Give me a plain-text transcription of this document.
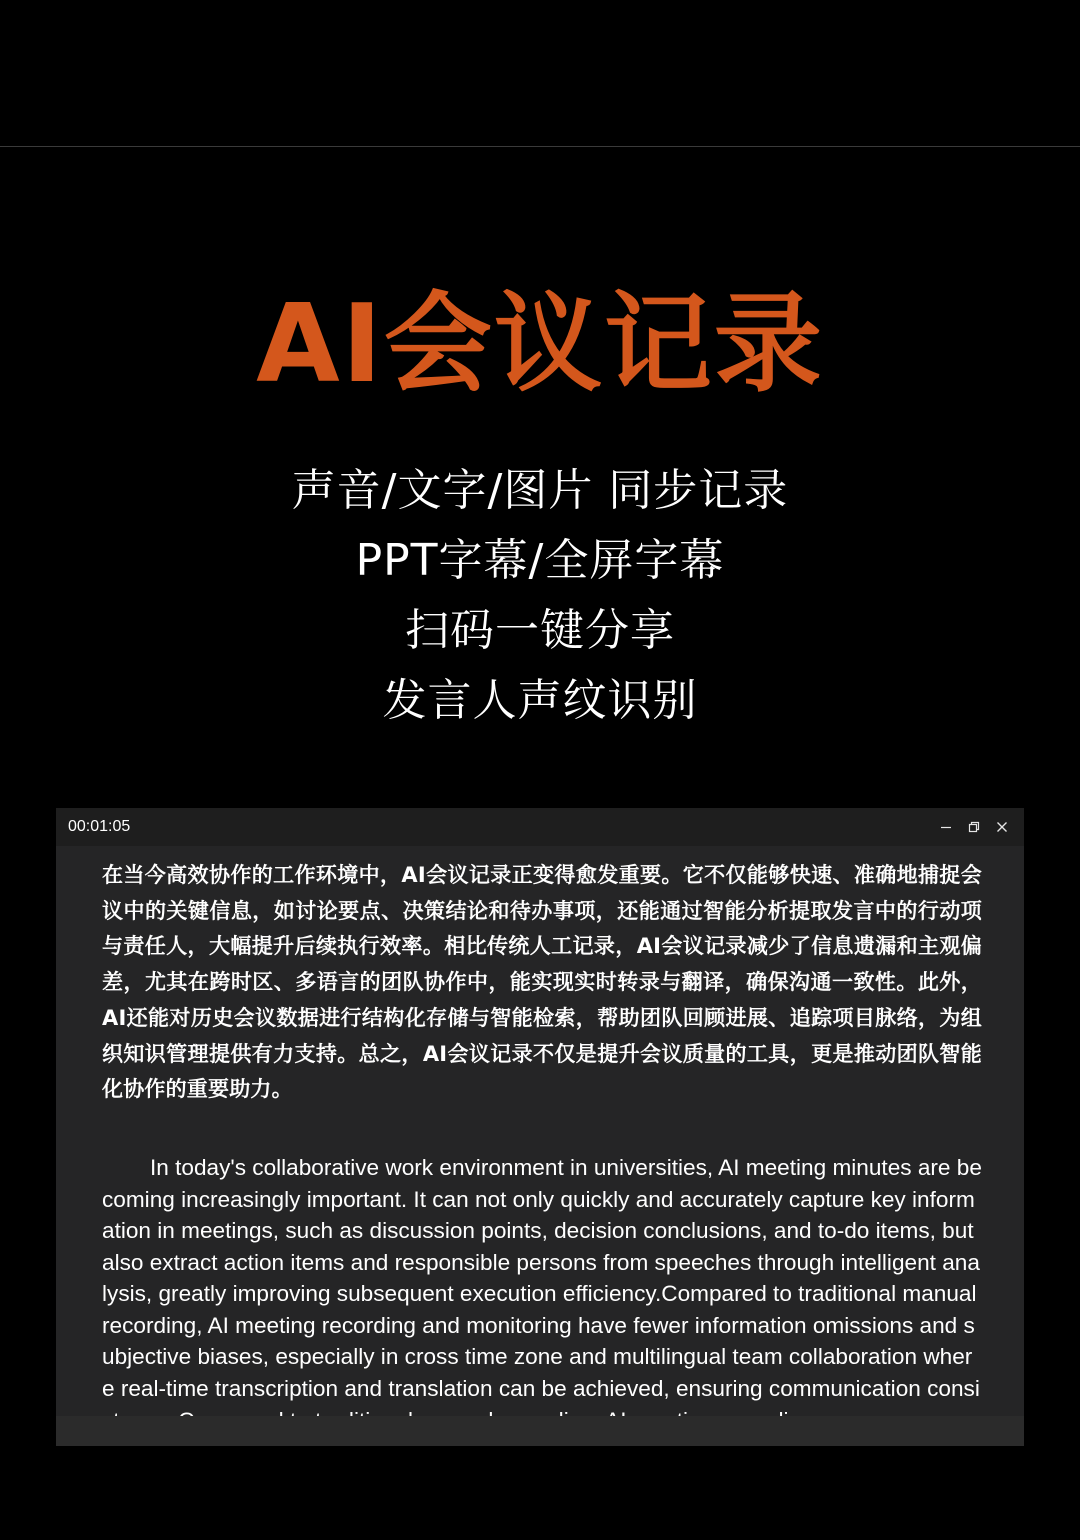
AI会议记录
声音/文字/图片 同步记录
PPT字幕/全屏字幕
扫码一键分享
发言人声纹识别
00:01:05

在当今高效协作的工作环境中，AI会议记录正变得愈发重要。它不仅能够快速、准确地捕捉会议中的关键信息，如讨论要点、决策结论和待办事项，还能通过智能分析提取发言中的行动项与责任人，大幅提升后续执行效率。相比传统人工记录，AI会议记录减少了信息遗漏和主观偏差，尤其在跨时区、多语言的团队协作中，能实现实时转录与翻译，确保沟通一致性。此外，AI还能对历史会议数据进行结构化存储与智能检索，帮助团队回顾进展、追踪项目脉络，为组织知识管理提供有力支持。总之，AI会议记录不仅是提升会议质量的工具，更是推动团队智能化协作的重要助力。

In today's collaborative work environment in universities, AI meeting minutes are becoming increasingly important. It can not only quickly and accurately capture key information in meetings, such as discussion points, decision conclusions, and to-do items, but also extract action items and responsible persons from speeches through intelligent analysis, greatly improving subsequent execution efficiency.Compared to traditional manual recording, AI meeting recording and monitoring have fewer information omissions and subjective biases, especially in cross time zone and multilingual team collaboration where real-time transcription and translation can be achieved, ensuring communication consi
